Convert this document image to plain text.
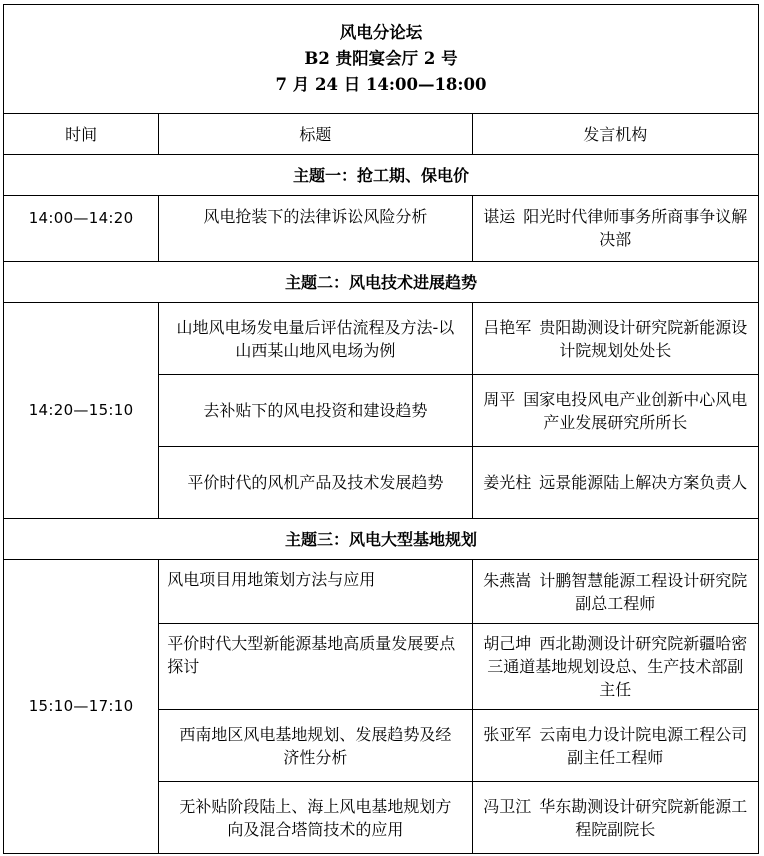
风电分论坛
B2 贵阳宴会厅 2 号
7 月 24 日 14:00—18:00		

时间	标题	发言机构
主题一：抢工期、保电价		
14:00—14:20	风电抢装下的法律诉讼风险分析	谌运  阳光时代律师事务所商事争议解决部
主题二：风电技术进展趋势		
14:20—15:10	山地风电场发电量后评估流程及方法-以山西某山地风电场为例	吕艳军  贵阳勘测设计研究院新能源设计院规划处处长
	去补贴下的风电投资和建设趋势	周平  国家电投风电产业创新中心风电产业发展研究所所长
	平价时代的风机产品及技术发展趋势	姜光柱  远景能源陆上解决方案负责人
主题三：风电大型基地规划		
15:10—17:10	风电项目用地策划方法与应用	朱燕嵩  计鹏智慧能源工程设计研究院副总工程师
	平价时代大型新能源基地高质量发展要点探讨	胡己坤  西北勘测设计研究院新疆哈密三通道基地规划设总、生产技术部副主任
	西南地区风电基地规划、发展趋势及经济性分析	张亚军  云南电力设计院电源工程公司副主任工程师
	无补贴阶段陆上、海上风电基地规划方向及混合塔筒技术的应用	冯卫江  华东勘测设计研究院新能源工程院副院长
